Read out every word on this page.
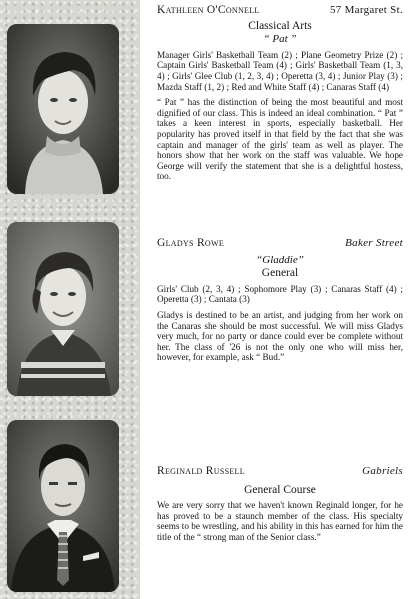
Kathleen O'Connell	57 Margaret St.
Classical Arts
“ Pat ”

Manager Girls' Basketball Team (2) ; Plane Geometry Prize (2) ; Captain Girls' Basketball Team (4) ; Girls' Basketball Team (1, 3, 4) ; Girls' Glee Club (1, 2, 3, 4) ; Operetta (3, 4) ; Junior Play (3) ; Mazda Staff (1, 2) ; Red and White Staff (4) ; Canaras Staff (4)

“ Pat ” has the distinction of being the most beautiful and most dignified of our class. This is indeed an ideal combination. “ Pat ” takes a keen interest in sports, especially basketball. Her popularity has proved itself in that field by the fact that she was captain and manager of the girls' team as well as player. The honors show that her work on the staff was valuable. We hope George will verify the statement that she is a delightful hostess, too.

Gladys Rowe	Baker Street
“Gladdie”
General

Girls' Club (2, 3, 4) ; Sophomore Play (3) ; Canaras Staff (4) ; Operetta (3) ; Cantata (3)

Gladys is destined to be an artist, and judging from her work on the Canaras she should be most successful. We will miss Gladys very much, for no party or dance could ever be complete without her. The class of '26 is not the only one who will miss her, however, for example, ask “ Bud.”

Reginald Russell	Gabriels
General Course

We are very sorry that we haven't known Reginald longer, for he has proved to be a staunch member of the class. His specialty seems to be wrestling, and his ability in this has earned for him the title of the “ strong man of the Senior class.”
